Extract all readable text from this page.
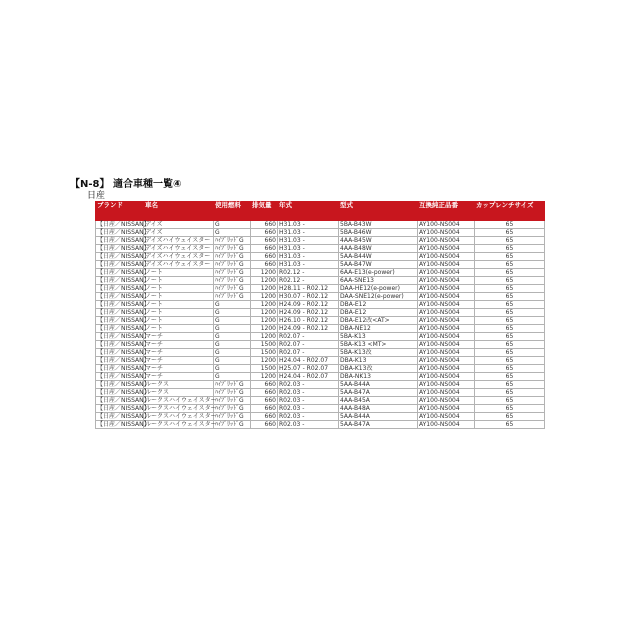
【N-8】 適合車種一覧④
日産
ブランド	車名	使用燃料	排気量	年式	型式	互換純正品番	カップレンチサイズ
【日産／NISSAN】	デイズ	G	660	H31.03 -	5BA-B43W	AY100-NS004	65
【日産／NISSAN】	デイズ	G	660	H31.03 -	5BA-B46W	AY100-NS004	65
【日産／NISSAN】	デイズハイウェイスター	ﾊｲﾌﾞﾘｯﾄﾞG	660	H31.03 -	4AA-B45W	AY100-NS004	65
【日産／NISSAN】	デイズハイウェイスター	ﾊｲﾌﾞﾘｯﾄﾞG	660	H31.03 -	4AA-B48W	AY100-NS004	65
【日産／NISSAN】	デイズハイウェイスター	ﾊｲﾌﾞﾘｯﾄﾞG	660	H31.03 -	5AA-B44W	AY100-NS004	65
【日産／NISSAN】	デイズハイウェイスター	ﾊｲﾌﾞﾘｯﾄﾞG	660	H31.03 -	5AA-B47W	AY100-NS004	65
【日産／NISSAN】	ノート	ﾊｲﾌﾞﾘｯﾄﾞG	1200	R02.12 -	6AA-E13(e-power)	AY100-NS004	65
【日産／NISSAN】	ノート	ﾊｲﾌﾞﾘｯﾄﾞG	1200	R02.12 -	6AA-SNE13	AY100-NS004	65
【日産／NISSAN】	ノート	ﾊｲﾌﾞﾘｯﾄﾞG	1200	H28.11 - R02.12	DAA-HE12(e-power)	AY100-NS004	65
【日産／NISSAN】	ノート	ﾊｲﾌﾞﾘｯﾄﾞG	1200	H30.07 - R02.12	DAA-SNE12(e-power)	AY100-NS004	65
【日産／NISSAN】	ノート	G	1200	H24.09 - R02.12	DBA-E12	AY100-NS004	65
【日産／NISSAN】	ノート	G	1200	H24.09 - R02.12	DBA-E12	AY100-NS004	65
【日産／NISSAN】	ノート	G	1200	H26.10 - R02.12	DBA-E12改<AT>	AY100-NS004	65
【日産／NISSAN】	ノート	G	1200	H24.09 - R02.12	DBA-NE12	AY100-NS004	65
【日産／NISSAN】	マーチ	G	1200	R02.07 -	5BA-K13	AY100-NS004	65
【日産／NISSAN】	マーチ	G	1500	R02.07 -	5BA-K13 <MT>	AY100-NS004	65
【日産／NISSAN】	マーチ	G	1500	R02.07 -	5BA-K13改	AY100-NS004	65
【日産／NISSAN】	マーチ	G	1200	H24.04 - R02.07	DBA-K13	AY100-NS004	65
【日産／NISSAN】	マーチ	G	1500	H25.07 - R02.07	DBA-K13改	AY100-NS004	65
【日産／NISSAN】	マーチ	G	1200	H24.04 - R02.07	DBA-NK13	AY100-NS004	65
【日産／NISSAN】	ルークス	ﾊｲﾌﾞﾘｯﾄﾞG	660	R02.03 -	5AA-B44A	AY100-NS004	65
【日産／NISSAN】	ルークス	ﾊｲﾌﾞﾘｯﾄﾞG	660	R02.03 -	5AA-B47A	AY100-NS004	65
【日産／NISSAN】	ルークスハイウェイスター	ﾊｲﾌﾞﾘｯﾄﾞG	660	R02.03 -	4AA-B45A	AY100-NS004	65
【日産／NISSAN】	ルークスハイウェイスター	ﾊｲﾌﾞﾘｯﾄﾞG	660	R02.03 -	4AA-B48A	AY100-NS004	65
【日産／NISSAN】	ルークスハイウェイスター	ﾊｲﾌﾞﾘｯﾄﾞG	660	R02.03 -	5AA-B44A	AY100-NS004	65
【日産／NISSAN】	ルークスハイウェイスター	ﾊｲﾌﾞﾘｯﾄﾞG	660	R02.03 -	5AA-B47A	AY100-NS004	65
